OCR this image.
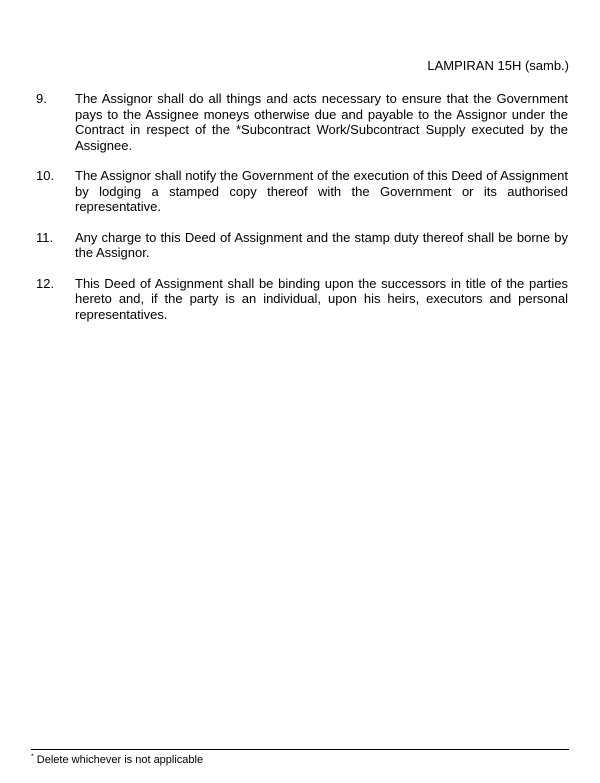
LAMPIRAN 15H (samb.)
9.	The Assignor shall do all things and acts necessary to ensure that the Government pays to the Assignee moneys otherwise due and payable to the Assignor under the Contract in respect of the *Subcontract Work/Subcontract Supply executed by the Assignee.
10.	The Assignor shall notify the Government of the execution of this Deed of Assignment by lodging a stamped copy thereof with the Government or its authorised representative.
11.	Any charge to this Deed of Assignment and the stamp duty thereof shall be borne by the Assignor.
12.	This Deed of Assignment shall be binding upon the successors in title of the parties hereto and, if the party is an individual, upon his heirs, executors and personal representatives.
* Delete whichever is not applicable
